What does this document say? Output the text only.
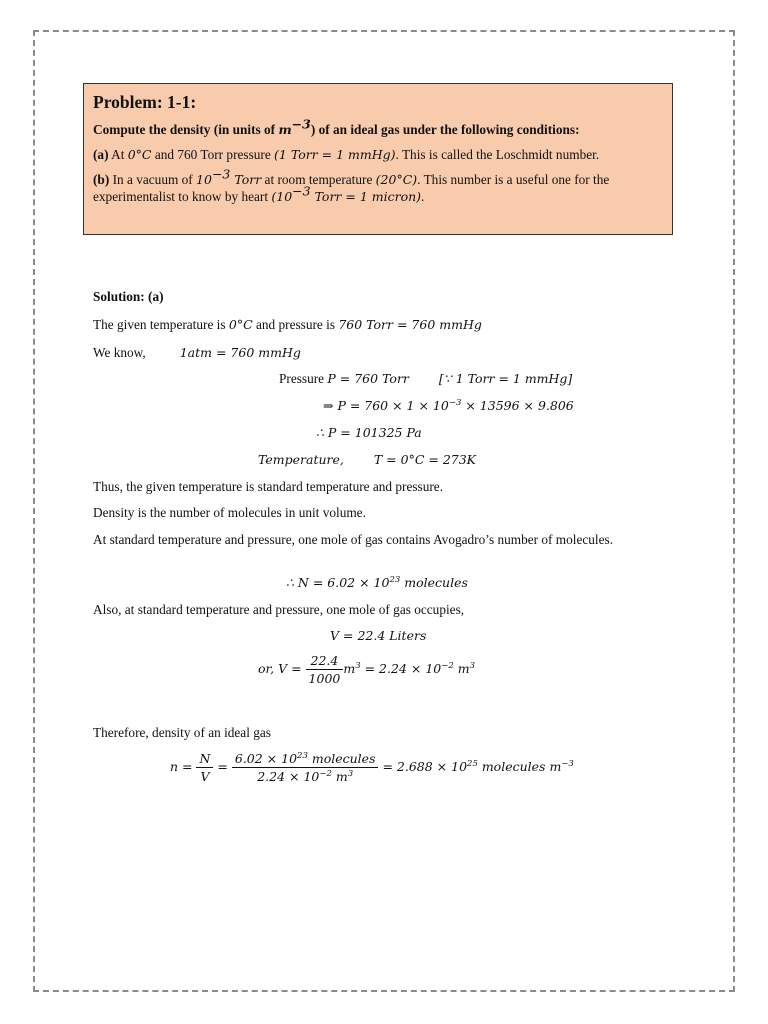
Problem: 1-1:

Compute the density (in units of $m^{-3}$) of an ideal gas under the following conditions:

(a) At 0°C and 760 Torr pressure (1 Torr = 1 mmHg). This is called the Loschmidt number.

(b) In a vacuum of $10^{-3}$ Torr at room temperature (20°C). This number is a useful one for the experimentalist to know by heart ($10^{-3}$ Torr = 1 micron).

Solution: (a)
The given temperature is 0°C and pressure is 760 Torr = 760 mmHg
We know,	1atm = 760 mmHg
Pressure P = 760 Torr [∵ 1 Torr = 1 mmHg]
⇒ $P = 760 \times 1 \times 10^{-3} \times 13596 \times 9.806$
∴ P = 101325 Pa
Temperature, T = 0°C = 273K
Thus, the given temperature is standard temperature and pressure.
Density is the number of molecules in unit volume.
At standard temperature and pressure, one mole of gas contains Avogadro’s number of molecules.
∴ $N = 6.02 \times 10^{23}$ molecules
Also, at standard temperature and pressure, one mole of gas occupies,
V = 22.4 Liters
or, $V = \frac{22.4}{1000} m^3 = 2.24 \times 10^{-2}$ $m^3$
Therefore, density of an ideal gas
$n = \frac{N}{V} = \frac{6.02 \times 10^{23} molecules}{2.24 \times 10^{-2} m^3} = 2.688 \times 10^{25}$ molecules $m^{-3}$
